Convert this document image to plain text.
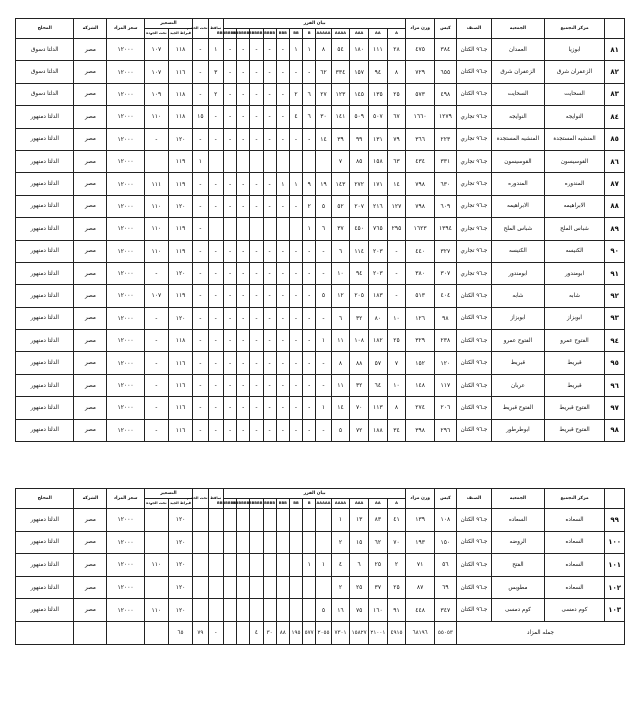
	مركز التجميع	الجمعيه	الصنف	كيس	وزن مراد	بيان الفرز												ساقط	تحت الخصم	التسعير		سعر المزاد	الشركه	المحلج
						A	AA	AAA	AAAA	AAAAA	B	BB	BBB	BBBB	BBBBB	BBBBBB	BBBBBBB			قيراط الجيد	تحت الجودة			
٨١	ابوزيا	العمدان	جـ٩٦ الكتان	٣٨٤	٤٧٥	٢٨	١١١	١٨٠	٥٤	٨	١	١	-	-	-	-	-	١	-	١١٨	١٠٧	١٢٠٠٠	مصر	الدلتا دسوق
٨٢	الزعفران شرق	الزعفران شرق	جـ٩٦ الكتان	٦٥٥	٧٢٩	٨	٩٤	١٥٧	٣٣٤	٦٢	-	-	-	-	-	-	-	٣	-	١١٦	١٠٧	١٢٠٠٠	مصر	الدلتا دسوق
٨٣	السحايت	السحايت	جـ٩٦ الكتان	٤٩٨	٥٧٣	٢٥	١٣٥	١٤٥	١٢٣	٢٧	٦	٢	-	-	-	-	-	٢	-	١١٨	١٠٩	١٢٠٠٠	مصر	الدلتا دسوق
٨٤	النوايجه	النوايجه	جـ٩٦ تجاري	١٢٧٩	١٦٦٠	٦٧	٥٠٧	٥٠٩	١٤١	٣٠	٦	٤	-	-	-	-	-	-	١٥	١١٨	١١٠	١٢٠٠٠	مصر	الدلتا دمنهور
٨٥	المنشيه المستجدة	المنشيه المستجدة	جـ٩٦ تجاري	٢٢٣	٣٦٦	٧٩	١٣١	٩٩	٣٩	١٤	-	-	-	-	-	-	-	-	-	١٢٠	-	١٢٠٠٠	مصر	الدلتا دمنهور
٨٦	القوسيسون	القوسيسون	جـ٩٦ تجاري	٣٣١	٤٣٤	٦٣	١٥٨	٨٥	٧										١	١١٩		١٢٠٠٠	مصر	الدلتا دمنهور
٨٧	المندوره	المندوره	جـ٩٦ تجاري	٦٣٠	٧٩٨	١٤	١٧١	٢٧٢	١٤٣	١٩	٩	١	١	-	-	-	-	-	-	١١٩	١١١	١٢٠٠٠	مصر	الدلتا دمنهور
٨٨	الابراهيمه	الابراهيمه	جـ٩٦ تجاري	٦٠٩	٧٩٨	١٢٧	٢١٦	٢٠٧	٥٢	٥	٢	-	-	-	-	-	-	-	-	١٢٠	١١٠	١٢٠٠٠	مصر	الدلتا دمنهور
٨٩	شباس الملح	شباس الملح	جـ٩٦ تجاري	١٣٩٤	١٦٢٣	٢٩٥	٧٦٥	٤٥٠	٣٧	٦	١								-	١١٩	١١٠	١٢٠٠٠	مصر	الدلتا دمنهور
٩٠	الكنيسه	الكنيسه	جـ٩٦ تجاري	٣٢٧	٤٤٠	-	٢٠٣	١١٤	٦	-	-	-	-	-	-	-	-	-	-	١١٩	١١٠	١٢٠٠٠	مصر	الدلتا دمنهور
٩١	ابومندور	ابومندور	جـ٩٦ تجاري	٣٠٧	٣٨٠	-	٢٠٣	٩٤	١٠	-	-	-	-	-	-	-	-	-	-	١٢٠	-	١٢٠٠٠	مصر	الدلتا دمنهور
٩٢	شابه	شابه	جـ٩٦ الكتان	٤٠٤	٥١٣	-	١٨٣	٢٠٥	١٢	٥	-	-	-	-	-	-	-	-	-	١١٩	١٠٧	١٢٠٠٠	مصر	الدلتا دمنهور
٩٣	ابوبزاز	ابوبزاز	جـ٩٦ الكتان	٩٨	١٢٦	١٠	٨٠	٣٢	٦	-	-	-	-	-	-	-	-	-	-	١٢٠	-	١٢٠٠٠	مصر	الدلتا دمنهور
٩٤	الفتوح عمرو	الفتوح عمرو	جـ٩٦ الكتان	٢٣٨	٣٢٩	٢٥	١٨٢	١٠٨	١١	١	-	-	-	-	-	-	-	-	-	١١٨	-	١٢٠٠٠	مصر	الدلتا دمنهور
٩٥	قبريط	قبريط	جـ٩٦ الكتان	١٢٠	١٥٢	٧	٥٧	٨٨	٨	-	-	-	-	-	-	-	-	-	-	١١٦	-	١٢٠٠٠	مصر	الدلتا دمنهور
٩٦	قبريط	عربان	جـ٩٦ الكتان	١١٧	١٤٨	١٠	٦٤	٣٢	١١	-	-	-	-	-	-	-	-	-	-	١١٦	-	١٢٠٠٠	مصر	الدلتا دمنهور
٩٧	الفتوح قبريط	الفتوح قبريط	جـ٩٦ الكتان	٢٠٦	٢٧٤	٨	١١٣	٧٠	١٤	١	-	-	-	-	-	-	-	-	-	١١٦	-	١٢٠٠٠	مصر	الدلتا دمنهور
٩٨	الفتوح قبريط	ابوطرطور	جـ٩٦ الكتان	٢٩٦	٣٩٨	٣٤	١٨٨	٧٢	٥	-	-	-	-	-	-	-	-	-	-	١١٦	-	١٢٠٠٠	مصر	الدلتا دمنهور
	مركز التجميع	الجمعيه	الصنف	كيس	وزن مراد	بيان الفرز												ساقط	تحت الخصم	التسعير		سعر المزاد	الشركه	المحلج
						A	AA	AAA	AAAA	AAAAA	B	BB	BBB	BBBB	BBBBB	BBBBBB	BBBBBBB			قيراط الجيد	تحت الجودة			
٩٩	السعاده	السعاده	جـ٩٦ الكتان	١٠٨	١٣٩	٤١	٨٣	١٣	١											١٢٠		١٢٠٠٠	مصر	الدلتا دمنهور
١٠٠	السعاده	الروضه	جـ٩٦ الكتان	١٥٠	١٩٣	٧٠	٦٢	١٥	٢											١٢٠		١٢٠٠٠	مصر	الدلتا دمنهور
١٠١	السعاده	الفتح	جـ٩٦ الكتان	٥٦	٧١	٢	٢٥	٦	٤	١	١									١٢٠	١١٠	١٢٠٠٠	مصر	الدلتا دمنهور
١٠٢	السعاده	مطوبس	جـ٩٦ الكتان	٦٩	٨٧	٢٥	٣٧	٢٥	٢											١٢٠		١٢٠٠٠	مصر	الدلتا دمنهور
١٠٣	كوم دمسى	كوم دمسى	جـ٩٦ الكتان	٣٤٧	٤٤٨	٩١	١٦٠	٧٥	١٦	٥										١٢٠	١١٠	١٢٠٠٠	مصر	الدلتا دمنهور
جمله المزاد				٥٥٠٥٣	٦٨١٩٦	٤٩١٥	٢١٠٠١	١٥٨٢٧	٧٣٠١	٢٠٥٥	٥٧٧	١٩٥	٨٨	٣٠	٤			-	٧٩	٦٥				
